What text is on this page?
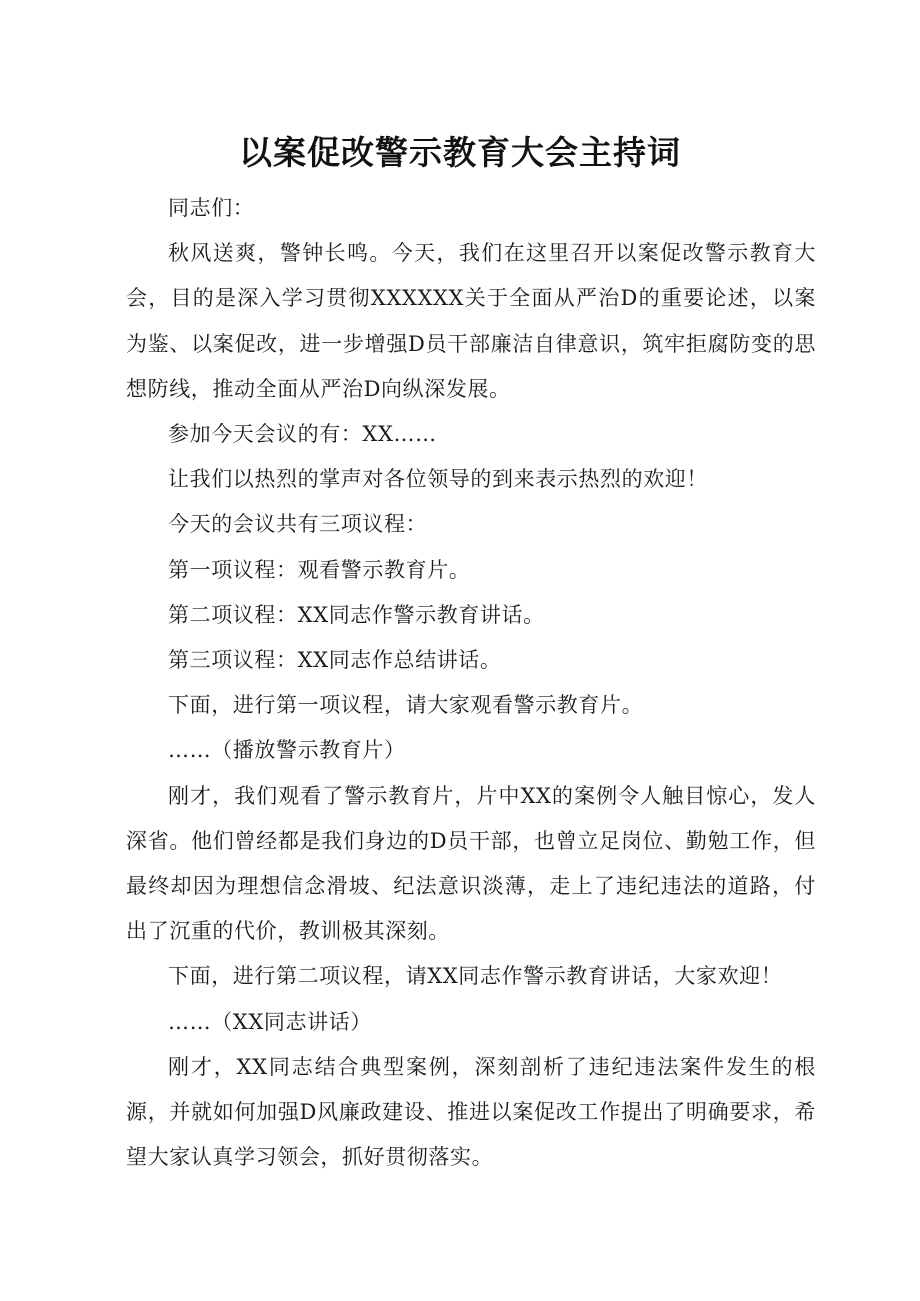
以案促改警示教育大会主持词

同志们：

秋风送爽，警钟长鸣。今天，我们在这里召开以案促改警示教育大会，目的是深入学习贯彻XXXXXX关于全面从严治D的重要论述，以案为鉴、以案促改，进一步增强D员干部廉洁自律意识，筑牢拒腐防变的思想防线，推动全面从严治D向纵深发展。

参加今天会议的有：XX……

让我们以热烈的掌声对各位领导的到来表示热烈的欢迎！

今天的会议共有三项议程：

第一项议程：观看警示教育片。

第二项议程：XX同志作警示教育讲话。

第三项议程：XX同志作总结讲话。

下面，进行第一项议程，请大家观看警示教育片。

……（播放警示教育片）

刚才，我们观看了警示教育片，片中XX的案例令人触目惊心，发人深省。他们曾经都是我们身边的D员干部，也曾立足岗位、勤勉工作，但最终却因为理想信念滑坡、纪法意识淡薄，走上了违纪违法的道路，付出了沉重的代价，教训极其深刻。

下面，进行第二项议程，请XX同志作警示教育讲话，大家欢迎！

……（XX同志讲话）

刚才，XX同志结合典型案例，深刻剖析了违纪违法案件发生的根源，并就如何加强D风廉政建设、推进以案促改工作提出了明确要求，希望大家认真学习领会，抓好贯彻落实。
